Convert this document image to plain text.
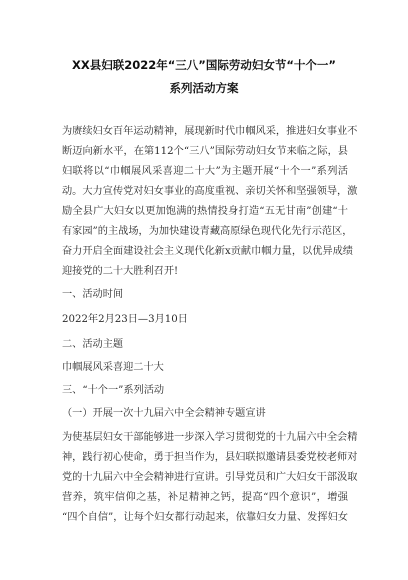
XX县妇联2022年“三八”国际劳动妇女节“十个一”
系列活动方案
为赓续妇女百年运动精神，展现新时代巾帼风采，推进妇女事业不
断迈向新水平，在第112个“三八”国际劳动妇女节来临之际，县
妇联将以“巾帼展风采喜迎二十大”为主题开展“十个一”系列活
动。大力宣传党对妇女事业的高度重视、亲切关怀和坚强领导，激
励全县广大妇女以更加饱满的热情投身打造“五无甘南”创建“十
有家园”的主战场，为加快建设青藏高原绿色现代化先行示范区，
奋力开启全面建设社会主义现代化新x贡献巾帼力量，以优异成绩
迎接党的二十大胜利召开!
一、活动时间
2022年2月23日—3月10日
二、活动主题
巾帼展风采喜迎二十大
三、“十个一”系列活动
（一）开展一次十九届六中全会精神专题宣讲
为使基层妇女干部能够进一步深入学习贯彻党的十九届六中全会精
神，践行初心使命，勇于担当作为，县妇联拟邀请县委党校老师对
党的十九届六中全会精神进行宣讲。引导党员和广大妇女干部汲取
营养，筑牢信仰之基，补足精神之钙，提高“四个意识”，增强
“四个自信”，让每个妇女都行动起来，依靠妇女力量、发挥妇女
